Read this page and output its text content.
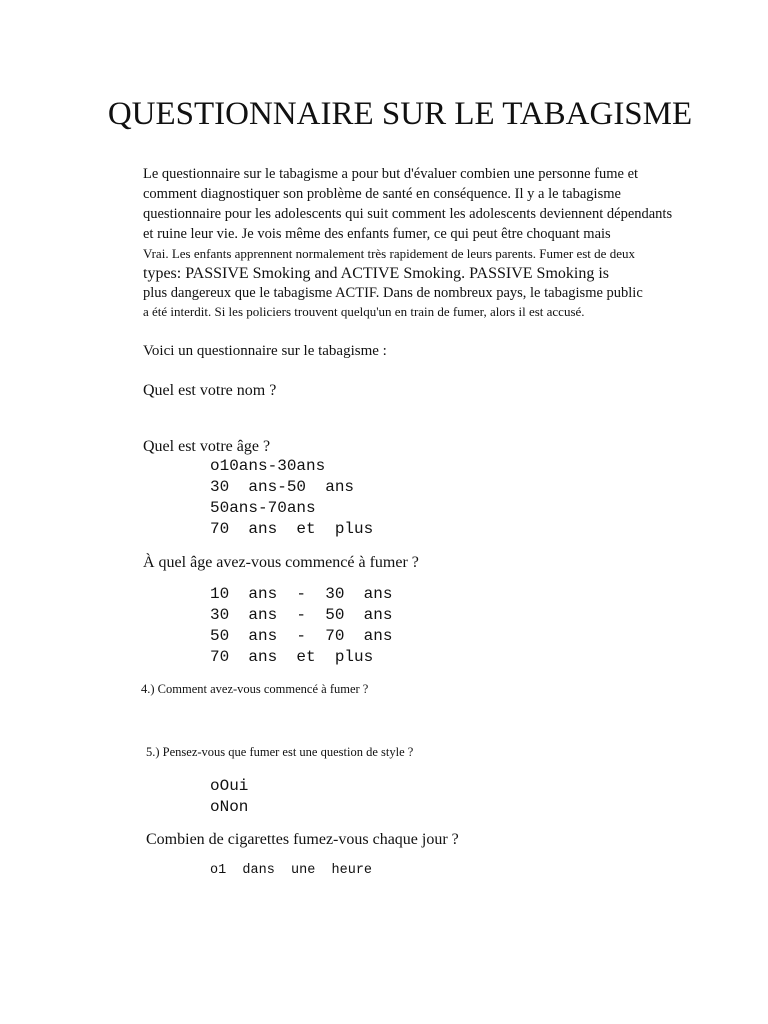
QUESTIONNAIRE SUR LE TABAGISME
Le questionnaire sur le tabagisme a pour but d'évaluer combien une personne fume et
comment diagnostiquer son problème de santé en conséquence. Il y a le tabagisme
questionnaire pour les adolescents qui suit comment les adolescents deviennent dépendants
et ruine leur vie. Je vois même des enfants fumer, ce qui peut être choquant mais
Vrai. Les enfants apprennent normalement très rapidement de leurs parents. Fumer est de deux
types: PASSIVE Smoking and ACTIVE Smoking. PASSIVE Smoking is
plus dangereux que le tabagisme ACTIF. Dans de nombreux pays, le tabagisme public
a été interdit. Si les policiers trouvent quelqu'un en train de fumer, alors il est accusé.
Voici un questionnaire sur le tabagisme :
Quel est votre nom ?
Quel est votre âge ?
o10ans-30ans
30  ans-50  ans
50ans-70ans
70  ans  et  plus
À quel âge avez-vous commencé à fumer ?
10  ans  -  30  ans
30  ans  -  50  ans
50  ans  -  70  ans
70  ans  et  plus
4.) Comment avez-vous commencé à fumer ?
5.) Pensez-vous que fumer est une question de style ?
oOui
oNon
Combien de cigarettes fumez-vous chaque jour ?
o1  dans  une  heure
